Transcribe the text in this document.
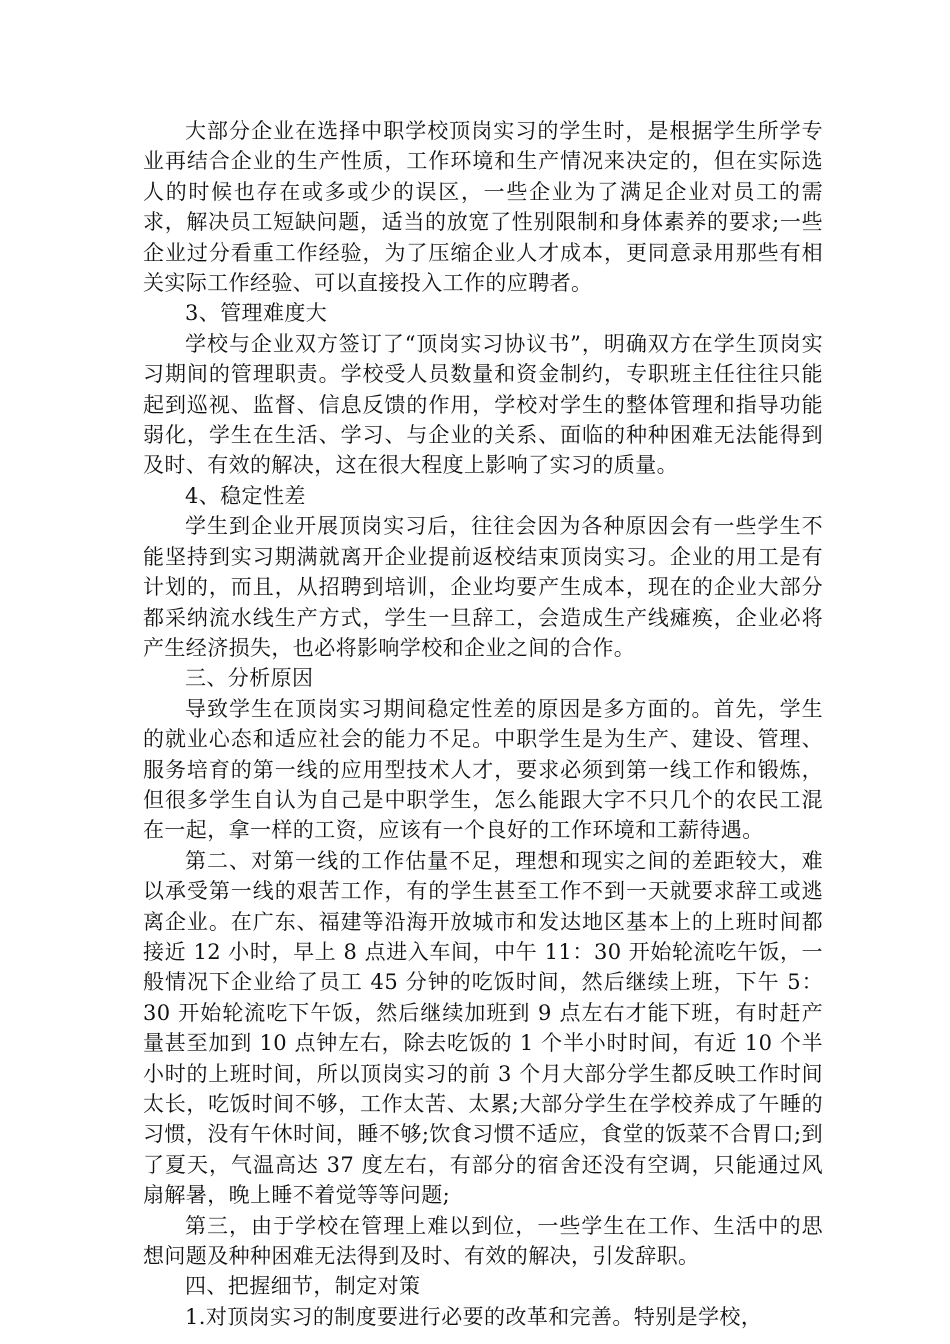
大部分企业在选择中职学校顶岗实习的学生时，是根据学生所学专业再结合企业的生产性质，工作环境和生产情况来决定的，但在实际选人的时候也存在或多或少的误区，一些企业为了满足企业对员工的需求，解决员工短缺问题，适当的放宽了性别限制和身体素养的要求;一些企业过分看重工作经验，为了压缩企业人才成本，更同意录用那些有相关实际工作经验、可以直接投入工作的应聘者。

3、管理难度大

学校与企业双方签订了“顶岗实习协议书”，明确双方在学生顶岗实习期间的管理职责。学校受人员数量和资金制约，专职班主任往往只能起到巡视、监督、信息反馈的作用，学校对学生的整体管理和指导功能弱化，学生在生活、学习、与企业的关系、面临的种种困难无法能得到及时、有效的解决，这在很大程度上影响了实习的质量。

4、稳定性差

学生到企业开展顶岗实习后，往往会因为各种原因会有一些学生不能坚持到实习期满就离开企业提前返校结束顶岗实习。企业的用工是有计划的，而且，从招聘到培训，企业均要产生成本，现在的企业大部分都采纳流水线生产方式，学生一旦辞工，会造成生产线瘫痪，企业必将产生经济损失，也必将影响学校和企业之间的合作。

三、分析原因

导致学生在顶岗实习期间稳定性差的原因是多方面的。首先，学生的就业心态和适应社会的能力不足。中职学生是为生产、建设、管理、服务培育的第一线的应用型技术人才，要求必须到第一线工作和锻炼，但很多学生自认为自己是中职学生，怎么能跟大字不只几个的农民工混在一起，拿一样的工资，应该有一个良好的工作环境和工薪待遇。

第二、对第一线的工作估量不足，理想和现实之间的差距较大，难以承受第一线的艰苦工作，有的学生甚至工作不到一天就要求辞工或逃离企业。在广东、福建等沿海开放城市和发达地区基本上的上班时间都接近 12 小时，早上 8 点进入车间，中午 11：30 开始轮流吃午饭，一般情况下企业给了员工 45 分钟的吃饭时间，然后继续上班，下午 5：30 开始轮流吃下午饭，然后继续加班到 9 点左右才能下班，有时赶产量甚至加到 10 点钟左右，除去吃饭的 1 个半小时时间，有近 10 个半小时的上班时间，所以顶岗实习的前 3 个月大部分学生都反映工作时间太长，吃饭时间不够，工作太苦、太累;大部分学生在学校养成了午睡的习惯，没有午休时间，睡不够;饮食习惯不适应，食堂的饭菜不合胃口;到了夏天，气温高达 37 度左右，有部分的宿舍还没有空调，只能通过风扇解暑，晚上睡不着觉等等问题;

第三，由于学校在管理上难以到位，一些学生在工作、生活中的思想问题及种种困难无法得到及时、有效的解决，引发辞职。

四、把握细节，制定对策

1.对顶岗实习的制度要进行必要的改革和完善。特别是学校，
